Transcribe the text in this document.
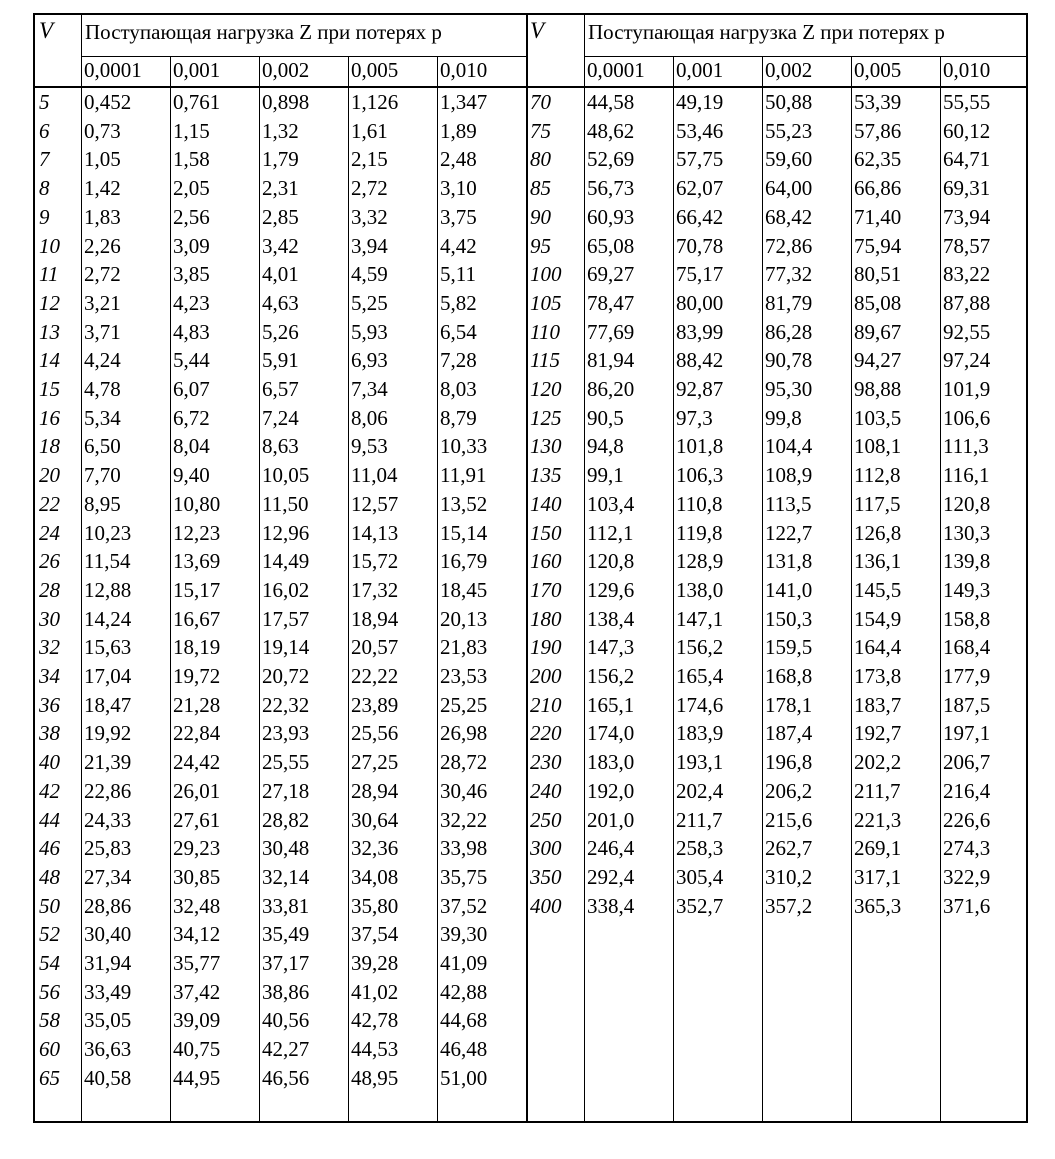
V Поступающая нагрузка Z при потерях p
0,0001 0,001 0,002 0,005 0,010
V Поступающая нагрузка Z при потерях p
0,0001 0,001 0,002 0,005 0,010
5 0,452 0,761 0,898 1,126 1,347
6 0,73 1,15 1,32 1,61 1,89
7 1,05 1,58 1,79 2,15 2,48
8 1,42 2,05 2,31 2,72 3,10
9 1,83 2,56 2,85 3,32 3,75
10 2,26 3,09 3,42 3,94 4,42
11 2,72 3,85 4,01 4,59 5,11
12 3,21 4,23 4,63 5,25 5,82
13 3,71 4,83 5,26 5,93 6,54
14 4,24 5,44 5,91 6,93 7,28
15 4,78 6,07 6,57 7,34 8,03
16 5,34 6,72 7,24 8,06 8,79
18 6,50 8,04 8,63 9,53 10,33
20 7,70 9,40 10,05 11,04 11,91
22 8,95 10,80 11,50 12,57 13,52
24 10,23 12,23 12,96 14,13 15,14
26 11,54 13,69 14,49 15,72 16,79
28 12,88 15,17 16,02 17,32 18,45
30 14,24 16,67 17,57 18,94 20,13
32 15,63 18,19 19,14 20,57 21,83
34 17,04 19,72 20,72 22,22 23,53
36 18,47 21,28 22,32 23,89 25,25
38 19,92 22,84 23,93 25,56 26,98
40 21,39 24,42 25,55 27,25 28,72
42 22,86 26,01 27,18 28,94 30,46
44 24,33 27,61 28,82 30,64 32,22
46 25,83 29,23 30,48 32,36 33,98
48 27,34 30,85 32,14 34,08 35,75
50 28,86 32,48 33,81 35,80 37,52
52 30,40 34,12 35,49 37,54 39,30
54 31,94 35,77 37,17 39,28 41,09
56 33,49 37,42 38,86 41,02 42,88
58 35,05 39,09 40,56 42,78 44,68
60 36,63 40,75 42,27 44,53 46,48
65 40,58 44,95 46,56 48,95 51,00
70 44,58 49,19 50,88 53,39 55,55
75 48,62 53,46 55,23 57,86 60,12
80 52,69 57,75 59,60 62,35 64,71
85 56,73 62,07 64,00 66,86 69,31
90 60,93 66,42 68,42 71,40 73,94
95 65,08 70,78 72,86 75,94 78,57
100 69,27 75,17 77,32 80,51 83,22
105 78,47 80,00 81,79 85,08 87,88
110 77,69 83,99 86,28 89,67 92,55
115 81,94 88,42 90,78 94,27 97,24
120 86,20 92,87 95,30 98,88 101,9
125 90,5 97,3 99,8 103,5 106,6
130 94,8 101,8 104,4 108,1 111,3
135 99,1 106,3 108,9 112,8 116,1
140 103,4 110,8 113,5 117,5 120,8
150 112,1 119,8 122,7 126,8 130,3
160 120,8 128,9 131,8 136,1 139,8
170 129,6 138,0 141,0 145,5 149,3
180 138,4 147,1 150,3 154,9 158,8
190 147,3 156,2 159,5 164,4 168,4
200 156,2 165,4 168,8 173,8 177,9
210 165,1 174,6 178,1 183,7 187,5
220 174,0 183,9 187,4 192,7 197,1
230 183,0 193,1 196,8 202,2 206,7
240 192,0 202,4 206,2 211,7 216,4
250 201,0 211,7 215,6 221,3 226,6
300 246,4 258,3 262,7 269,1 274,3
350 292,4 305,4 310,2 317,1 322,9
400 338,4 352,7 357,2 365,3 371,6
